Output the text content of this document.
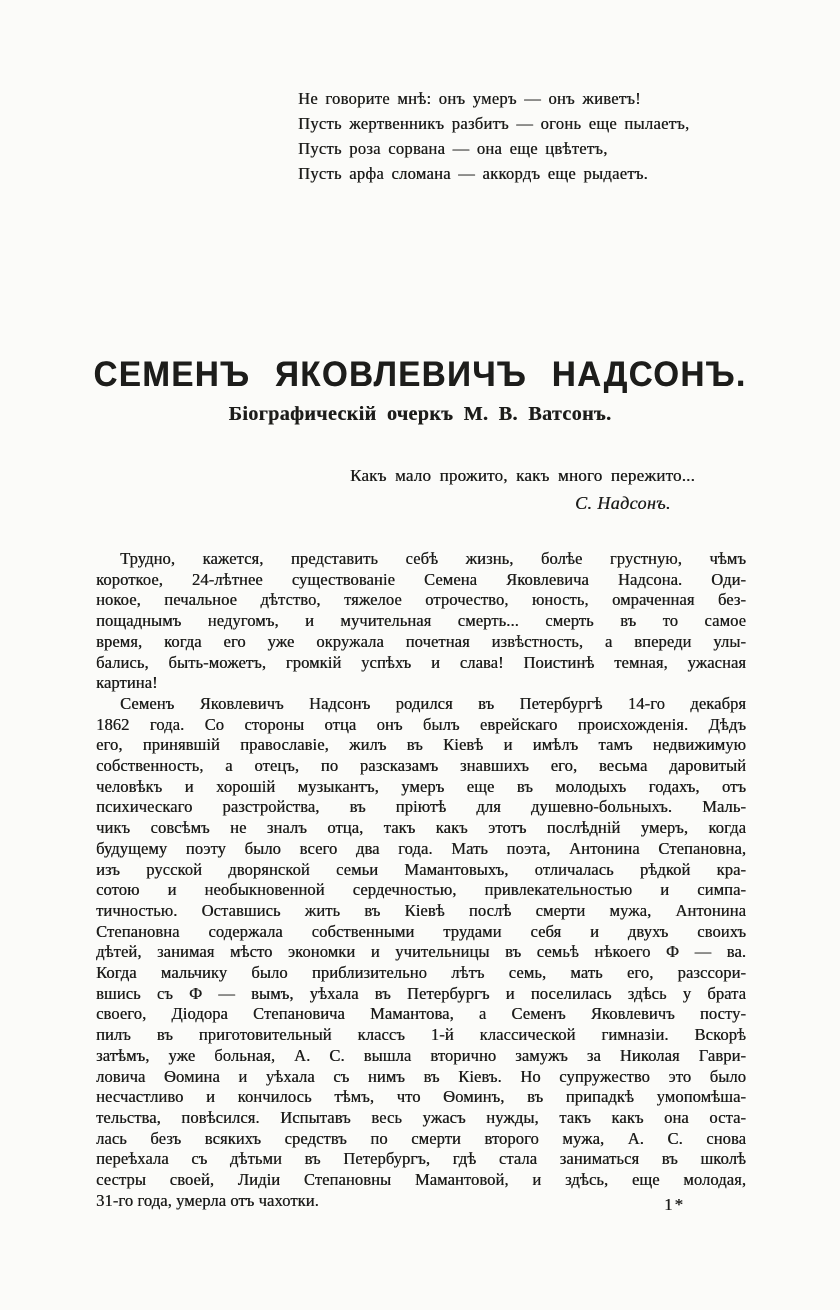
Не говорите мнѣ: онъ умеръ — онъ живетъ!
Пусть жертвенникъ разбитъ — огонь еще пылаетъ,
Пусть роза сорвана — она еще цвѣтетъ,
Пусть арфа сломана — аккордъ еще рыдаетъ.
СЕМЕНЪ ЯКОВЛЕВИЧЪ НАДСОНЪ.
Біографическій очеркъ М. В. Ватсонъ.
Какъ мало прожито, какъ много пережито...
С. Надсонъ.
Трудно, кажется, представить себѣ жизнь, болѣе грустную, чѣмъ
короткое, 24-лѣтнее существованіе Семена Яковлевича Надсона. Оди-
нокое, печальное дѣтство, тяжелое отрочество, юность, омраченная без-
пощаднымъ недугомъ, и мучительная смерть... смерть въ то самое
время, когда его уже окружала почетная извѣстность, а впереди улы-
бались, быть-можетъ, громкій успѣхъ и слава! Поистинѣ темная, ужасная
картина!
Семенъ Яковлевичъ Надсонъ родился въ Петербургѣ 14-го декабря
1862 года. Со стороны отца онъ былъ еврейскаго происхожденія. Дѣдъ
его, принявшій православіе, жилъ въ Кіевѣ и имѣлъ тамъ недвижимую
собственность, а отецъ, по разсказамъ знавшихъ его, весьма даровитый
человѣкъ и хорошій музыкантъ, умеръ еще въ молодыхъ годахъ, отъ
психическаго разстройства, въ пріютѣ для душевно-больныхъ. Маль-
чикъ совсѣмъ не зналъ отца, такъ какъ этотъ послѣдній умеръ, когда
будущему поэту было всего два года. Мать поэта, Антонина Степановна,
изъ русской дворянской семьи Мамантовыхъ, отличалась рѣдкой кра-
сотою и необыкновенной сердечностью, привлекательностью и симпа-
тичностью. Оставшись жить въ Кіевѣ послѣ смерти мужа, Антонина
Степановна содержала собственными трудами себя и двухъ своихъ
дѣтей, занимая мѣсто экономки и учительницы въ семьѣ нѣкоего Ф — ва.
Когда мальчику было приблизительно лѣтъ семь, мать его, разссори-
вшись съ Ф — вымъ, уѣхала въ Петербургъ и поселилась здѣсь у брата
своего, Діодора Степановича Мамантова, а Семенъ Яковлевичъ посту-
пилъ въ приготовительный классъ 1-й классической гимназіи. Вскорѣ
затѣмъ, уже больная, А. С. вышла вторично замужъ за Николая Гаври-
ловича Ѳомина и уѣхала съ нимъ въ Кіевъ. Но супружество это было
несчастливо и кончилось тѣмъ, что Ѳоминъ, въ припадкѣ умопомѣша-
тельства, повѣсился. Испытавъ весь ужасъ нужды, такъ какъ она оста-
лась безъ всякихъ средствъ по смерти второго мужа, А. С. снова
переѣхала съ дѣтьми въ Петербургъ, гдѣ стала заниматься въ школѣ
сестры своей, Лидіи Степановны Мамантовой, и здѣсь, еще молодая,
31-го года, умерла отъ чахотки.	1*
